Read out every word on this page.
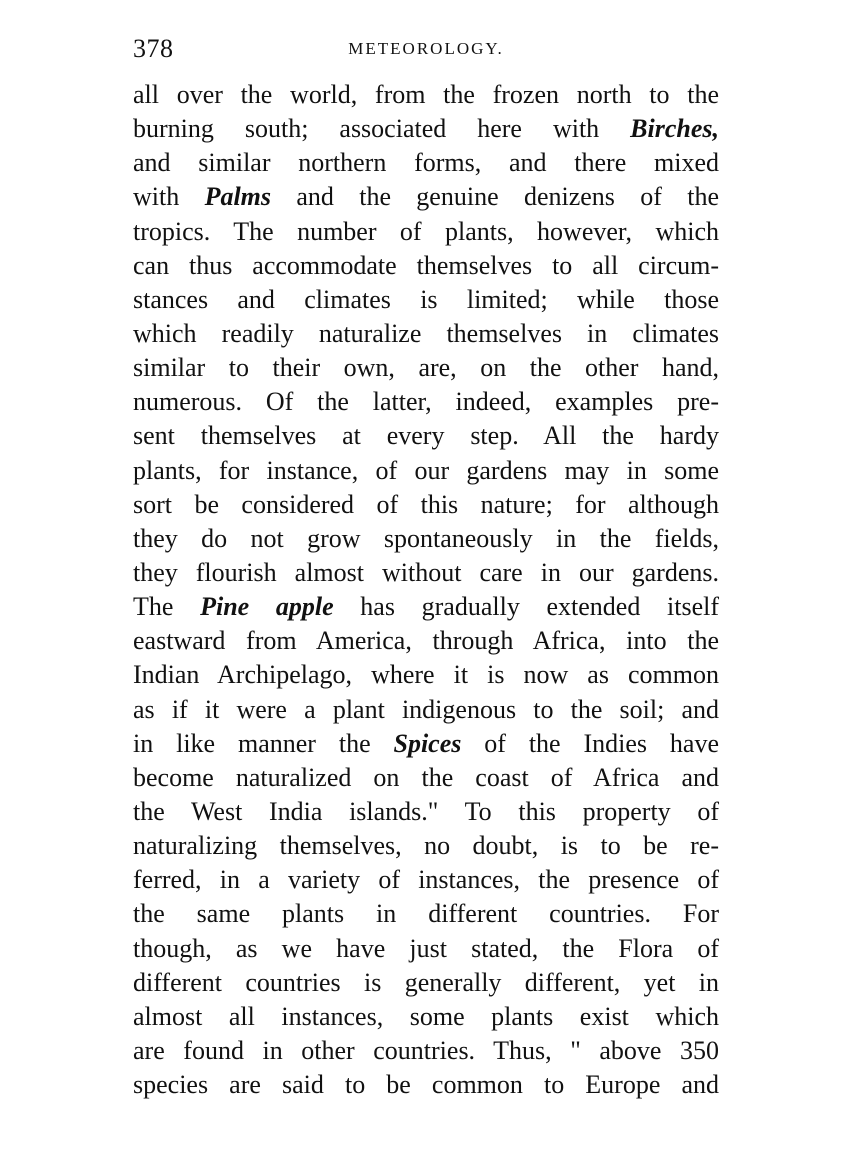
378	METEOROLOGY.
all over the world, from the frozen north to the
burning south; associated here with Birches,
and similar northern forms, and there mixed
with Palms and the genuine denizens of the
tropics. The number of plants, however, which
can thus accommodate themselves to all circum-
stances and climates is limited; while those
which readily naturalize themselves in climates
similar to their own, are, on the other hand,
numerous. Of the latter, indeed, examples pre-
sent themselves at every step. All the hardy
plants, for instance, of our gardens may in some
sort be considered of this nature; for although
they do not grow spontaneously in the fields,
they flourish almost without care in our gardens.
The Pine apple has gradually extended itself
eastward from America, through Africa, into the
Indian Archipelago, where it is now as common
as if it were a plant indigenous to the soil; and
in like manner the Spices of the Indies have
become naturalized on the coast of Africa and
the West India islands." To this property of
naturalizing themselves, no doubt, is to be re-
ferred, in a variety of instances, the presence of
the same plants in different countries. For
though, as we have just stated, the Flora of
different countries is generally different, yet in
almost all instances, some plants exist which
are found in other countries. Thus, " above 350
species are said to be common to Europe and
